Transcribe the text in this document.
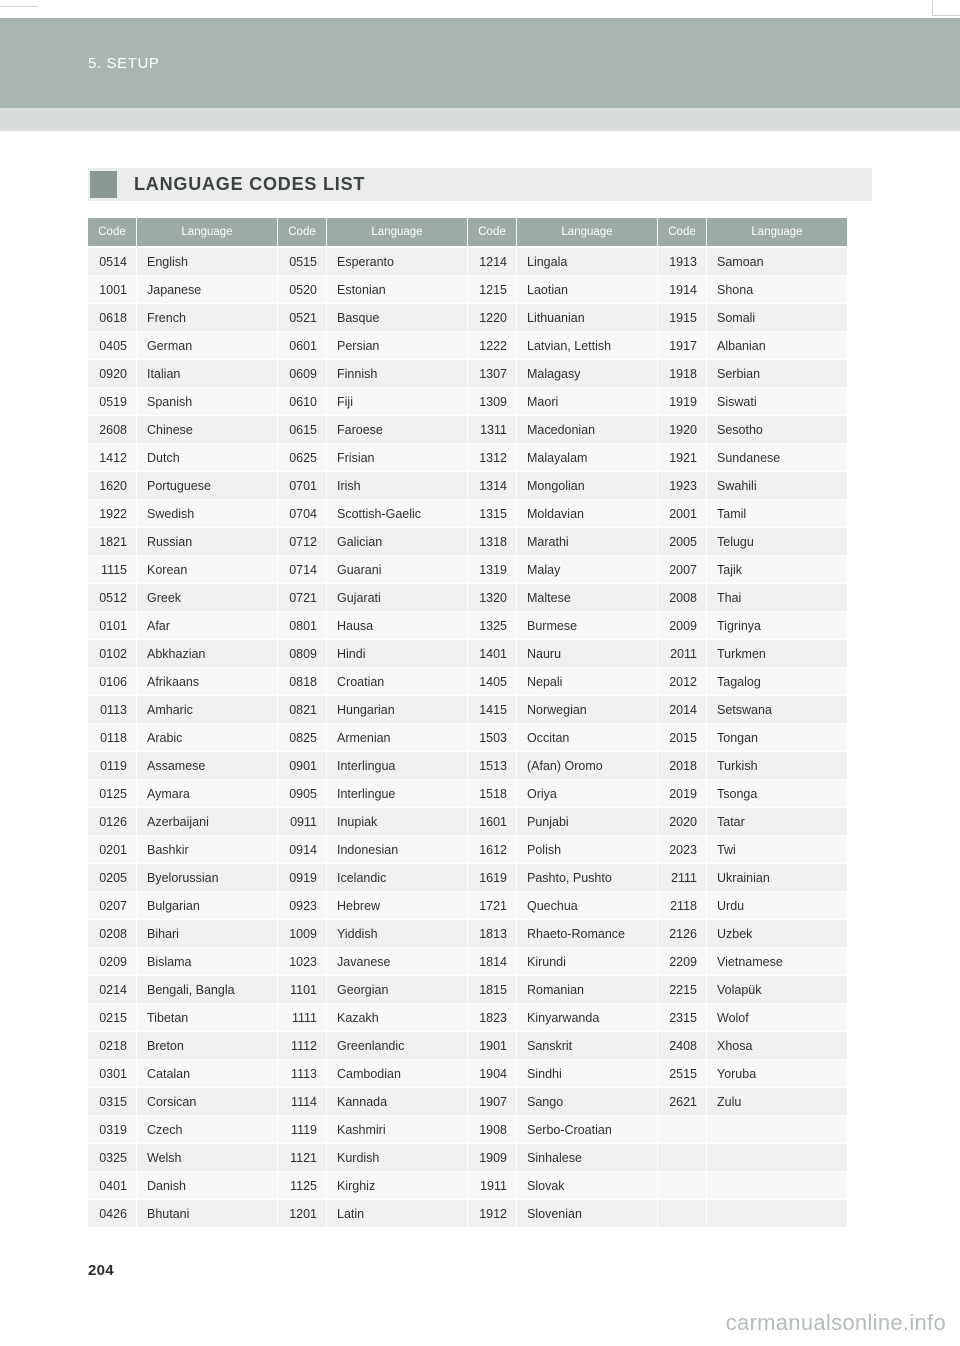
5. SETUP
LANGUAGE CODES LIST
Code	Language	Code	Language	Code	Language	Code	Language
0514	English	0515	Esperanto	1214	Lingala	1913	Samoan
1001	Japanese	0520	Estonian	1215	Laotian	1914	Shona
0618	French	0521	Basque	1220	Lithuanian	1915	Somali
0405	German	0601	Persian	1222	Latvian, Lettish	1917	Albanian
0920	Italian	0609	Finnish	1307	Malagasy	1918	Serbian
0519	Spanish	0610	Fiji	1309	Maori	1919	Siswati
2608	Chinese	0615	Faroese	1311	Macedonian	1920	Sesotho
1412	Dutch	0625	Frisian	1312	Malayalam	1921	Sundanese
1620	Portuguese	0701	Irish	1314	Mongolian	1923	Swahili
1922	Swedish	0704	Scottish-Gaelic	1315	Moldavian	2001	Tamil
1821	Russian	0712	Galician	1318	Marathi	2005	Telugu
1115	Korean	0714	Guarani	1319	Malay	2007	Tajik
0512	Greek	0721	Gujarati	1320	Maltese	2008	Thai
0101	Afar	0801	Hausa	1325	Burmese	2009	Tigrinya
0102	Abkhazian	0809	Hindi	1401	Nauru	2011	Turkmen
0106	Afrikaans	0818	Croatian	1405	Nepali	2012	Tagalog
0113	Amharic	0821	Hungarian	1415	Norwegian	2014	Setswana
0118	Arabic	0825	Armenian	1503	Occitan	2015	Tongan
0119	Assamese	0901	Interlingua	1513	(Afan) Oromo	2018	Turkish
0125	Aymara	0905	Interlingue	1518	Oriya	2019	Tsonga
0126	Azerbaijani	0911	Inupiak	1601	Punjabi	2020	Tatar
0201	Bashkir	0914	Indonesian	1612	Polish	2023	Twi
0205	Byelorussian	0919	Icelandic	1619	Pashto, Pushto	2111	Ukrainian
0207	Bulgarian	0923	Hebrew	1721	Quechua	2118	Urdu
0208	Bihari	1009	Yiddish	1813	Rhaeto-Romance	2126	Uzbek
0209	Bislama	1023	Javanese	1814	Kirundi	2209	Vietnamese
0214	Bengali, Bangla	1101	Georgian	1815	Romanian	2215	Volapük
0215	Tibetan	1111	Kazakh	1823	Kinyarwanda	2315	Wolof
0218	Breton	1112	Greenlandic	1901	Sanskrit	2408	Xhosa
0301	Catalan	1113	Cambodian	1904	Sindhi	2515	Yoruba
0315	Corsican	1114	Kannada	1907	Sango	2621	Zulu
0319	Czech	1119	Kashmiri	1908	Serbo-Croatian		
0325	Welsh	1121	Kurdish	1909	Sinhalese		
0401	Danish	1125	Kirghiz	1911	Slovak		
0426	Bhutani	1201	Latin	1912	Slovenian		
204
carmanualsonline.info
